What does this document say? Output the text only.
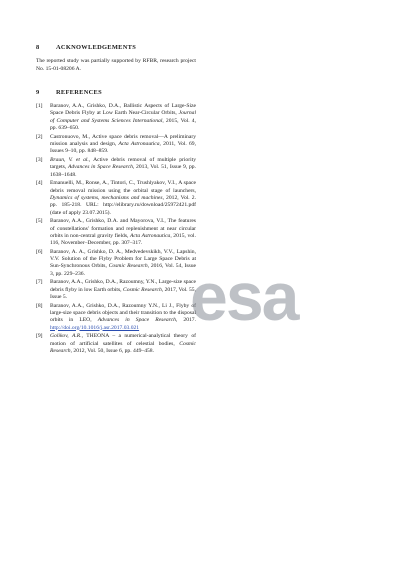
8	ACKNOWLEDGEMENTS

The reported study was partially supported by RFBR, research project No. 15-01-08206 A.

9	REFERENCES
[1]	Baranov, A.A., Grishko, D.A., Ballistic Aspects of Large-Size Space Debris Flyby at Low Earth Near-Circular Orbits, Journal of Computer and Systems Sciences International, 2015, Vol. 4, pp. 639–650.
[2]	Castronuovo, M., Active space debris removal—A preliminary mission analysis and design, Acta Astronautica, 2011, Vol. 69, Issues 9–10, pp. 848–859.
[3]	Braun, V. et al., Active debris removal of multiple priority targets, Advances in Space Research, 2013, Vol. 51, Issue 9, pp. 1638–1648.
[4]	Emanuelli, M., Ronse, A., Tintori, C., Trushlyakov, V.I., A space debris removal mission using the orbital stage of launchers, Dynamics of systems, mechanisms and machines, 2012, Vol. 2. pp. 185-218. URL: http://elibrary.ru/download/25972421.pdf (date of apply 23.07.2015).
[5]	Baranov, A.A., Grishko, D.A. and Mayorova, V.I., The features of constellations' formation and replenishment at near circular orbits in non-central gravity fields, Acta Astronautica, 2015, vol. 116, November–December, pp. 307–317.
[6]	Baranov, A. A., Grishko, D. A., Medvedevskikh, V.V., Lapshin, V.V. Solution of the Flyby Problem for Large Space Debris at Sun-Synchronous Orbits, Cosmic Research, 2016, Vol. 54, Issue 3, pp. 229–236.
[7]	Baranov, A.A., Grishko, D.A., Razoumny, Y.N., Large-size space debris flyby in low Earth orbits, Cosmic Research, 2017, Vol. 55, Issue 5.
[8]	Baranov, A.A., Grishko, D.A., Razoumny Y.N., Li J., Flyby of large-size space debris objects and their transition to the disposal orbits in LEO, Advances in Space Research, 2017. http://doi.org/10.1016/j.asr.2017.03.021
[9]	Golikov, A.R., THEONA – a numerical-analytical theory of motion of artificial satellites of celestial bodies, Cosmic Research, 2012, Vol. 50, Issue 6, pp. 449–458.
esa
